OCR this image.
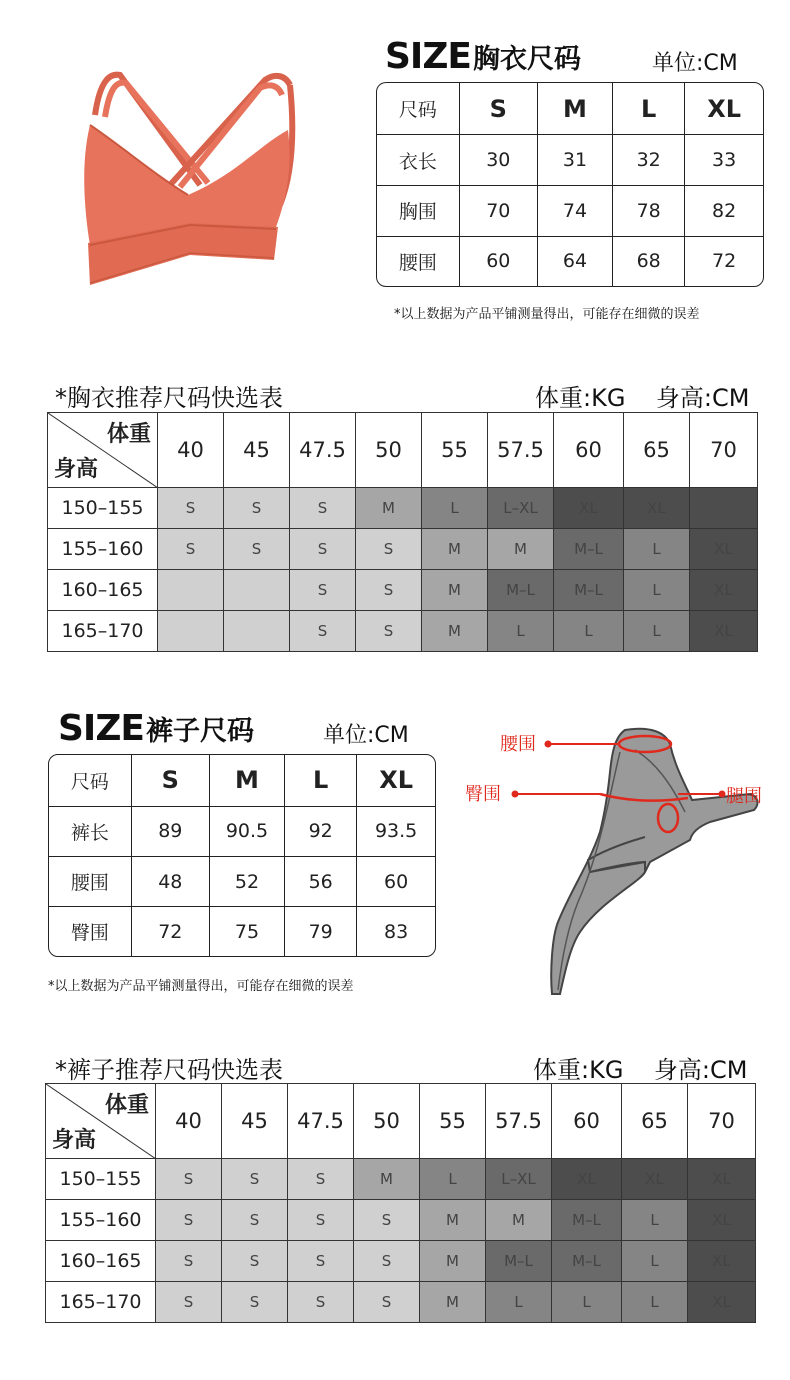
SIZE 胸衣尺码	单位:CM
尺码	S	M	L	XL
衣长	30	31	32	33
胸围	70	74	78	82
腰围	60	64	68	72
*以上数据为产品平铺测量得出，可能存在细微的误差
*胸衣推荐尺码快选表	体重:KG    身高:CM
体重
身高	40	45	47.5	50	55	57.5	60	65	70
150–155	S	S	S	M	L	L–XL	XL	XL	
155–160	S	S	S	S	M	M	M–L	L	XL
160–165			S	S	M	M–L	M–L	L	XL
165–170			S	S	M	L	L	L	XL
SIZE 裤子尺码	单位:CM
尺码	S	M	L	XL
裤长	89	90.5	92	93.5
腰围	48	52	56	60
臀围	72	75	79	83
*以上数据为产品平铺测量得出，可能存在细微的误差
腰围
臀围	腿围
*裤子推荐尺码快选表	体重:KG    身高:CM
体重
身高	40	45	47.5	50	55	57.5	60	65	70
150–155	S	S	S	M	L	L–XL	XL	XL	XL
155–160	S	S	S	S	M	M	M–L	L	XL
160–165	S	S	S	S	M	M–L	M–L	L	XL
165–170	S	S	S	S	M	L	L	L	XL
